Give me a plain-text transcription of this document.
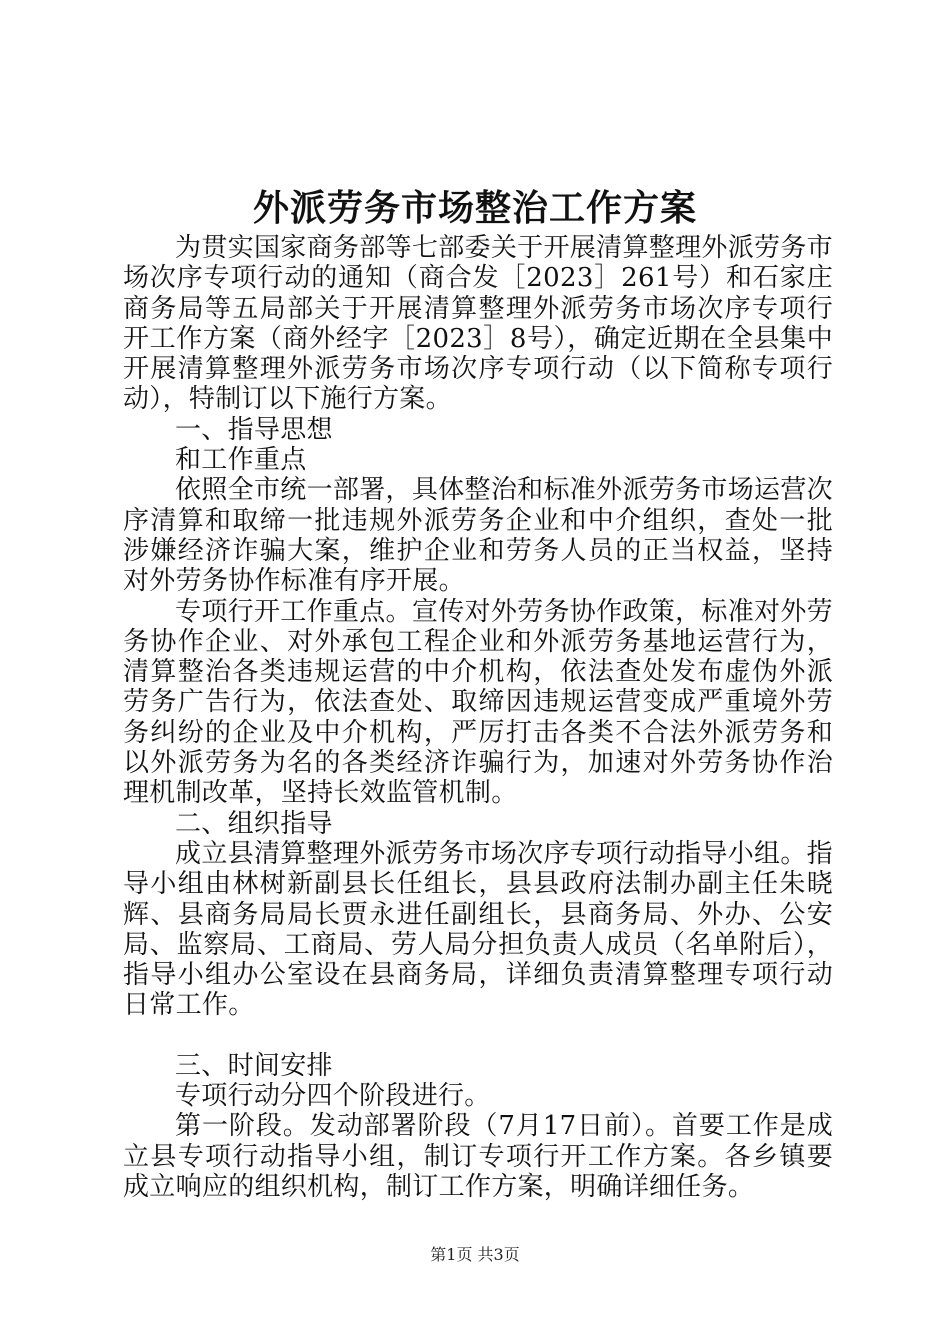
外派劳务市场整治工作方案

为贯实国家商务部等七部委关于开展清算整理外派劳务市场次序专项行动的通知（商合发［2023］261号）和石家庄商务局等五局部关于开展清算整理外派劳务市场次序专项行开工作方案（商外经字［2023］8号），确定近期在全县集中开展清算整理外派劳务市场次序专项行动（以下简称专项行动），特制订以下施行方案。

一、指导思想

和工作重点

依照全市统一部署，具体整治和标准外派劳务市场运营次序清算和取缔一批违规外派劳务企业和中介组织，查处一批涉嫌经济诈骗大案，维护企业和劳务人员的正当权益，坚持对外劳务协作标准有序开展。

专项行开工作重点。宣传对外劳务协作政策，标准对外劳务协作企业、对外承包工程企业和外派劳务基地运营行为，清算整治各类违规运营的中介机构，依法查处发布虚伪外派劳务广告行为，依法查处、取缔因违规运营变成严重境外劳务纠纷的企业及中介机构，严厉打击各类不合法外派劳务和以外派劳务为名的各类经济诈骗行为，加速对外劳务协作治理机制改革，坚持长效监管机制。

二、组织指导

成立县清算整理外派劳务市场次序专项行动指导小组。指导小组由林树新副县长任组长，县县政府法制办副主任朱晓辉、县商务局局长贾永进任副组长，县商务局、外办、公安局、监察局、工商局、劳人局分担负责人成员（名单附后），指导小组办公室设在县商务局，详细负责清算整理专项行动日常工作。

三、时间安排

专项行动分四个阶段进行。

第一阶段。发动部署阶段（7月17日前）。首要工作是成立县专项行动指导小组，制订专项行开工作方案。各乡镇要成立响应的组织机构，制订工作方案，明确详细任务。

第1页 共3页
